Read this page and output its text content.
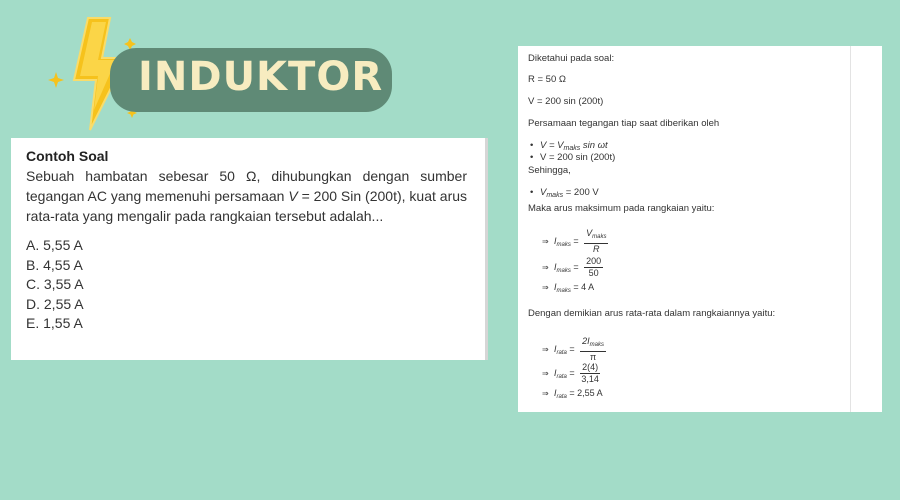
INDUKTOR
Contoh Soal

Sebuah hambatan sebesar 50 Ω, dihubungkan dengan sumber tegangan AC yang memenuhi persamaan V = 200 Sin (200t), kuat arus rata-rata yang mengalir pada rangkaian tersebut adalah...

A. 5,55 A
B. 4,55 A
C. 3,55 A
D. 2,55 A
E. 1,55 A
Diketahui pada soal:
R = 50 Ω
V = 200 sin (200t)
Persamaan tegangan tiap saat diberikan oleh
• $V = V_{maks}$ sin ωt
• V = 200 sin (200t)
Sehingga,
• $V_{maks} = 200$ V
Maka arus maksimum pada rangkaian yaitu:
⇒ $I_{maks} = \frac{V_{maks}}{R}$
⇒ $I_{maks} = \frac{200}{50}$
⇒ $I_{maks} = 4$ A
Dengan demikian arus rata-rata dalam rangkaiannya yaitu:
⇒ $I_{rata} = \frac{2I_{maks}}{\pi}$
⇒ $I_{rata} = \frac{2(4)}{3,14}$
⇒ $I_{rata} = 2,55$ A
